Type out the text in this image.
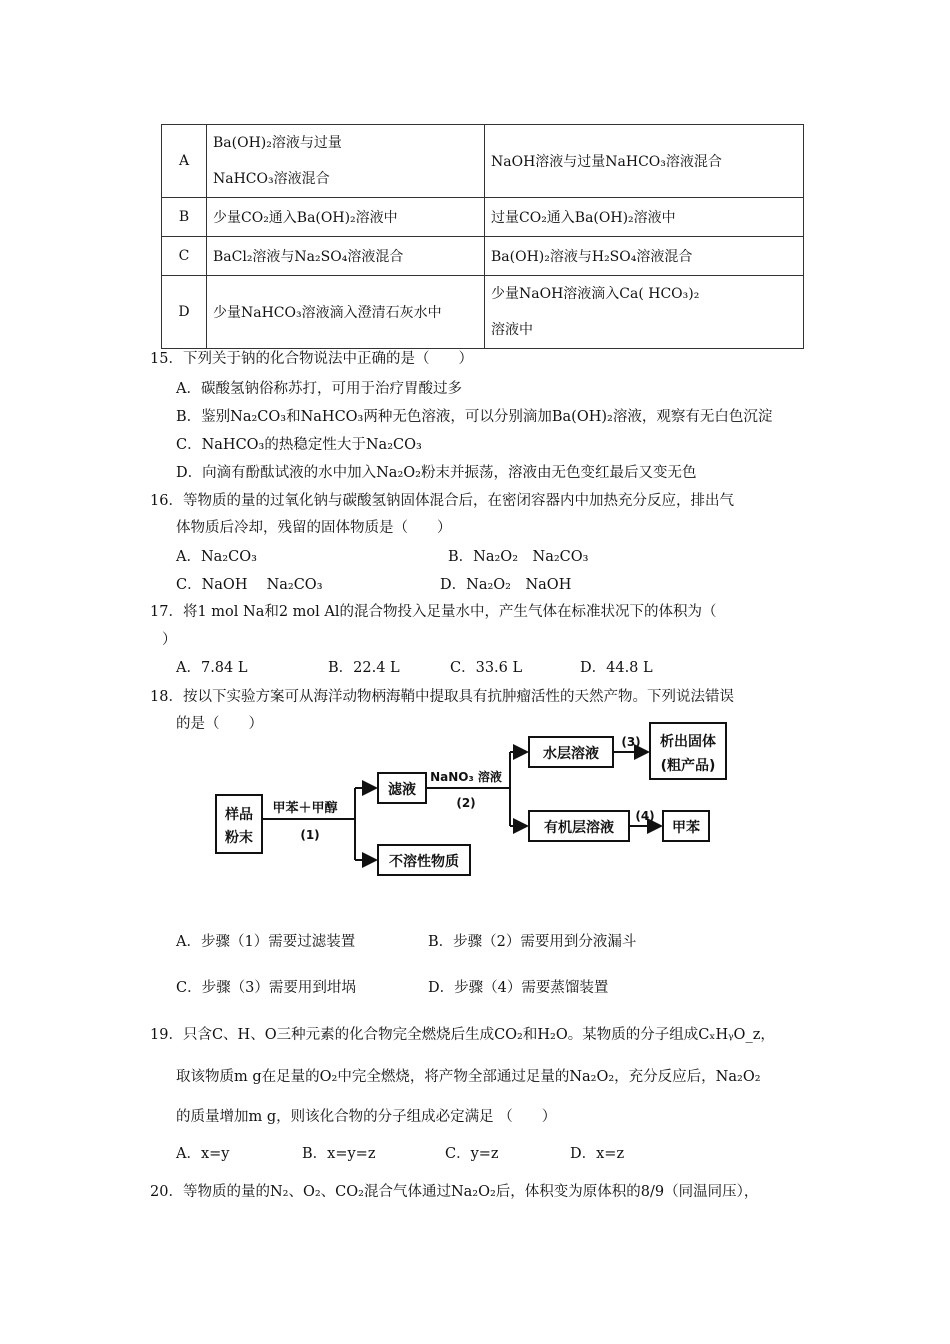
A	Ba(OH)₂溶液与过量
NaHCO₃溶液混合	NaOH溶液与过量NaHCO₃溶液混合

B	少量CO₂通入Ba(OH)₂溶液中	过量CO₂通入Ba(OH)₂溶液中

C	BaCl₂溶液与Na₂SO₄溶液混合	Ba(OH)₂溶液与H₂SO₄溶液混合

D	少量NaHCO₃溶液滴入澄清石灰水中	少量NaOH溶液滴入Ca( HCO₃)₂
溶液中
15．下列关于钠的化合物说法中正确的是（　　）
A．碳酸氢钠俗称苏打，可用于治疗胃酸过多
B．鉴别Na₂CO₃和NaHCO₃两种无色溶液，可以分别滴加Ba(OH)₂溶液，观察有无白色沉淀
C．NaHCO₃的热稳定性大于Na₂CO₃
D．向滴有酚酞试液的水中加入Na₂O₂粉末并振荡，溶液由无色变红最后又变无色
16．等物质的量的过氧化钠与碳酸氢钠固体混合后，在密闭容器内中加热充分反应，排出气
体物质后冷却，残留的固体物质是（　　）
A．Na₂CO₃	B．Na₂O₂　Na₂CO₃
C．NaOH　 Na₂CO₃	D．Na₂O₂　NaOH
17．将1 mol Na和2 mol Al的混合物投入足量水中，产生气体在标准状况下的体积为（
）
A．7.84 L	B．22.4 L	C．33.6 L	D．44.8 L
18．按以下实验方案可从海洋动物柄海鞘中提取具有抗肿瘤活性的天然产物。下列说法错误
的是（　　）
样品
粉末
甲苯＋甲醇
(1)
滤液
不溶性物质
NaNO₃ 溶液
(2)
水层溶液
(3) 析出固体
(粗产品)
有机层溶液
(4)
甲苯
A．步骤（1）需要过滤装置	B．步骤（2）需要用到分液漏斗
C．步骤（3）需要用到坩埚	D．步骤（4）需要蒸馏装置
19．只含C、H、O三种元素的化合物完全燃烧后生成CO₂和H₂O。某物质的分子组成CₓHᵧO_z，
取该物质m g在足量的O₂中完全燃烧，将产物全部通过足量的Na₂O₂，充分反应后，Na₂O₂
的质量增加m g，则该化合物的分子组成必定满足 （　　）
A．x=y	B．x=y=z	C．y=z	D．x=z
20．等物质的量的N₂、O₂、CO₂混合气体通过Na₂O₂后，体积变为原体积的8/9（同温同压），
